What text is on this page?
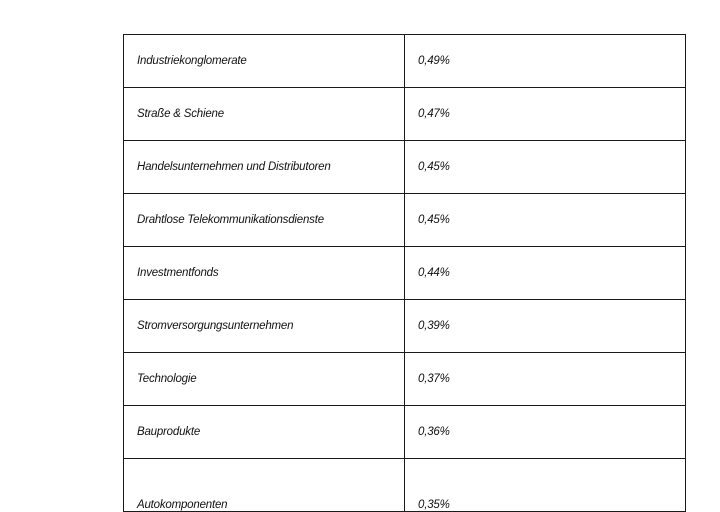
Industriekonglomerate	0,49%
Straße & Schiene	0,47%
Handelsunternehmen und Distributoren	0,45%
Drahtlose Telekommunikationsdienste	0,45%
Investmentfonds	0,44%
Stromversorgungsunternehmen	0,39%
Technologie	0,37%
Bauprodukte	0,36%
Autokomponenten	0,35%
